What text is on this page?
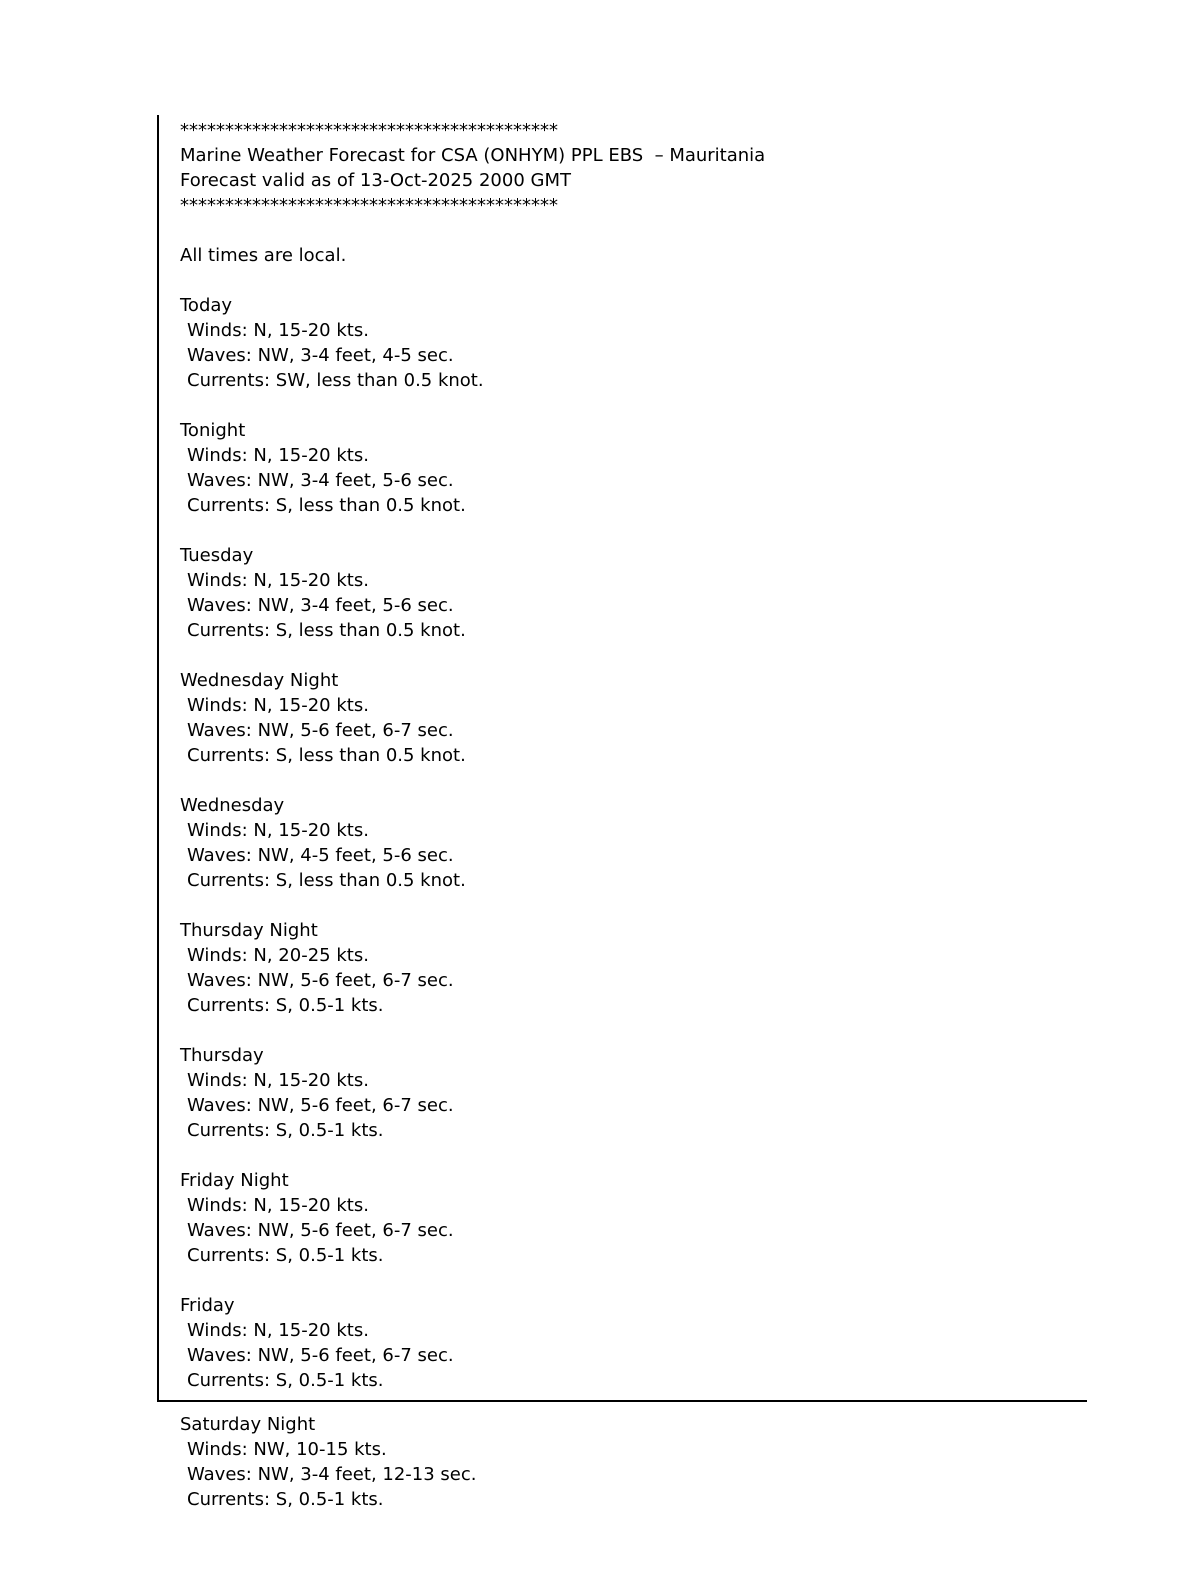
******************************************
Marine Weather Forecast for CSA (ONHYM) PPL EBS  – Mauritania
Forecast valid as of 13-Oct-2025 2000 GMT
******************************************
All times are local.
Today
Winds: N, 15-20 kts.
Waves: NW, 3-4 feet, 4-5 sec.
Currents: SW, less than 0.5 knot.
Tonight
Winds: N, 15-20 kts.
Waves: NW, 3-4 feet, 5-6 sec.
Currents: S, less than 0.5 knot.
Tuesday
Winds: N, 15-20 kts.
Waves: NW, 3-4 feet, 5-6 sec.
Currents: S, less than 0.5 knot.
Wednesday Night
Winds: N, 15-20 kts.
Waves: NW, 5-6 feet, 6-7 sec.
Currents: S, less than 0.5 knot.
Wednesday
Winds: N, 15-20 kts.
Waves: NW, 4-5 feet, 5-6 sec.
Currents: S, less than 0.5 knot.
Thursday Night
Winds: N, 20-25 kts.
Waves: NW, 5-6 feet, 6-7 sec.
Currents: S, 0.5-1 kts.
Thursday
Winds: N, 15-20 kts.
Waves: NW, 5-6 feet, 6-7 sec.
Currents: S, 0.5-1 kts.
Friday Night
Winds: N, 15-20 kts.
Waves: NW, 5-6 feet, 6-7 sec.
Currents: S, 0.5-1 kts.
Friday
Winds: N, 15-20 kts.
Waves: NW, 5-6 feet, 6-7 sec.
Currents: S, 0.5-1 kts.
Saturday Night
Winds: NW, 10-15 kts.
Waves: NW, 3-4 feet, 12-13 sec.
Currents: S, 0.5-1 kts.
